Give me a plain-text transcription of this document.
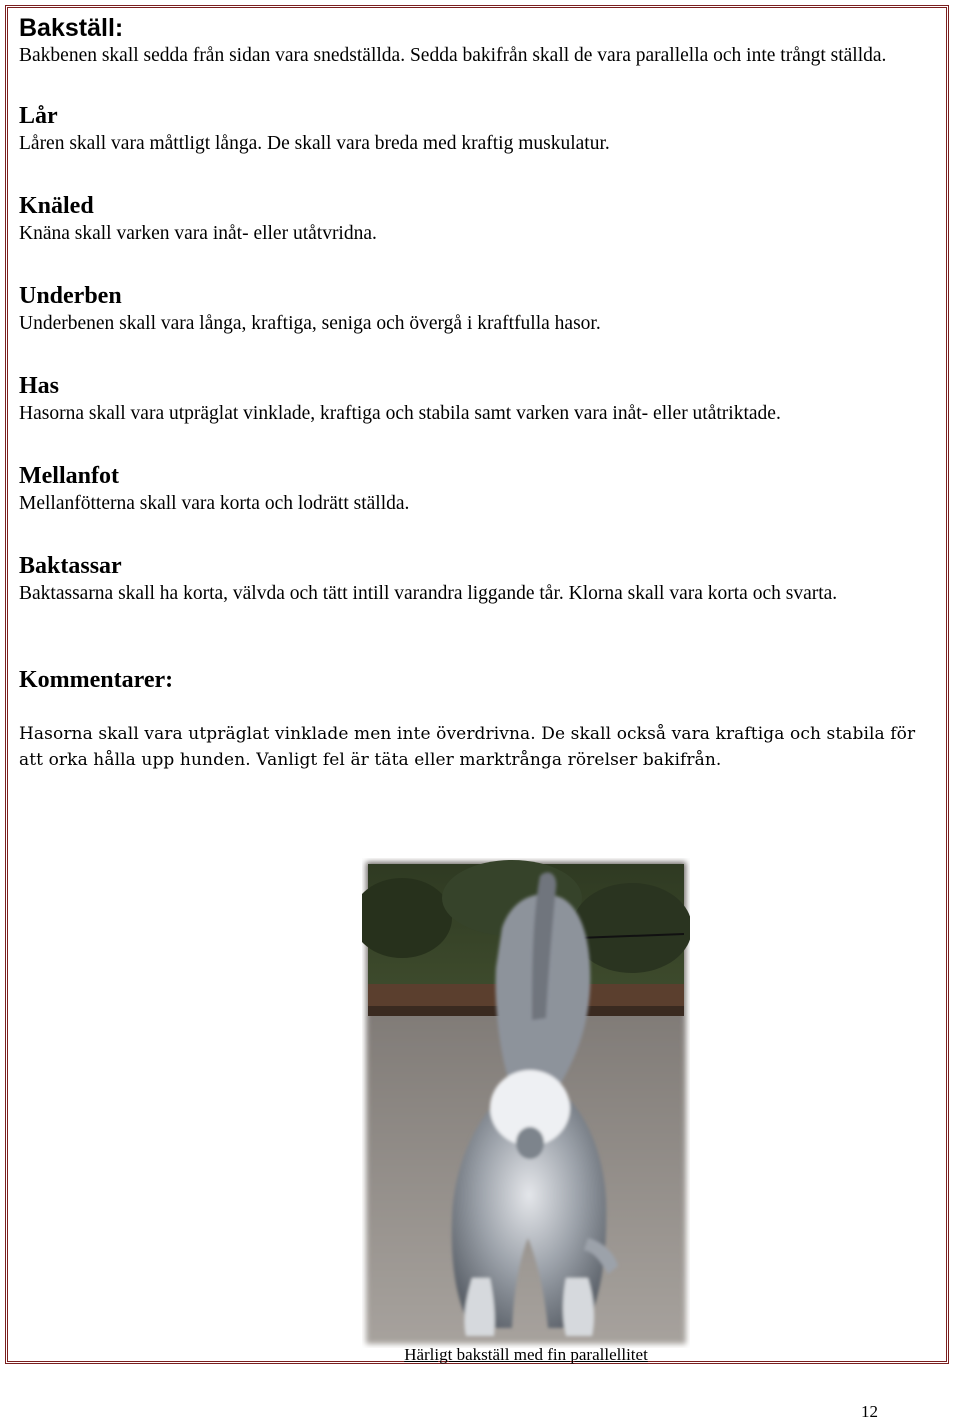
Bakställ:

Bakbenen skall sedda från sidan vara snedställda. Sedda bakifrån skall de vara parallella och inte trångt ställda.

Lår

Låren skall vara måttligt långa. De skall vara breda med kraftig muskulatur.

Knäled

Knäna skall varken vara inåt- eller utåtvridna.

Underben

Underbenen skall vara långa, kraftiga, seniga och övergå i kraftfulla hasor.

Has

Hasorna skall vara utpräglat vinklade, kraftiga och stabila samt varken vara inåt- eller utåtriktade.

Mellanfot

Mellanfötterna skall vara korta och lodrätt ställda.

Baktassar

Baktassarna skall ha korta, välvda och tätt intill varandra liggande tår. Klorna skall vara korta och svarta.

Kommentarer:

Hasorna skall vara utpräglat vinklade men inte överdrivna. De skall också vara kraftiga och stabila för att orka hålla upp hunden. Vanligt fel är täta eller marktrånga rörelser bakifrån.

Härligt bakställ med fin parallellitet
12
